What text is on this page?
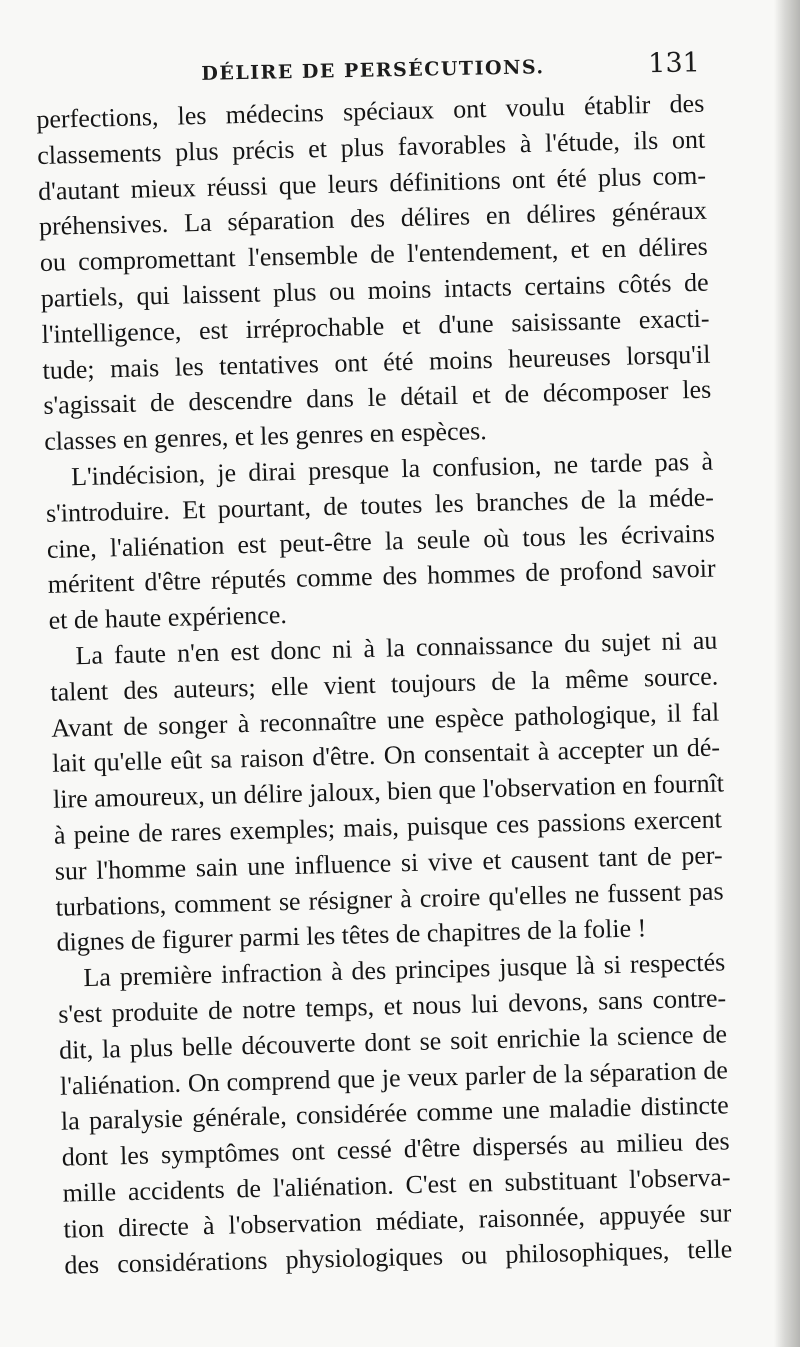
DÉLIRE DE PERSÉCUTIONS.	131
perfections, les médecins spéciaux ont voulu établir des
classements plus précis et plus favorables à l'étude, ils ont
d'autant mieux réussi que leurs définitions ont été plus com-
préhensives. La séparation des délires en délires généraux
ou compromettant l'ensemble de l'entendement, et en délires
partiels, qui laissent plus ou moins intacts certains côtés de
l'intelligence, est irréprochable et d'une saisissante exacti-
tude; mais les tentatives ont été moins heureuses lorsqu'il
s'agissait de descendre dans le détail et de décomposer les
classes en genres, et les genres en espèces.
L'indécision, je dirai presque la confusion, ne tarde pas à
s'introduire. Et pourtant, de toutes les branches de la méde-
cine, l'aliénation est peut-être la seule où tous les écrivains
méritent d'être réputés comme des hommes de profond savoir
et de haute expérience.
La faute n'en est donc ni à la connaissance du sujet ni au
talent des auteurs; elle vient toujours de la même source.
Avant de songer à reconnaître une espèce pathologique, il fal
lait qu'elle eût sa raison d'être. On consentait à accepter un dé-
lire amoureux, un délire jaloux, bien que l'observation en fournît
à peine de rares exemples; mais, puisque ces passions exercent
sur l'homme sain une influence si vive et causent tant de per-
turbations, comment se résigner à croire qu'elles ne fussent pas
dignes de figurer parmi les têtes de chapitres de la folie !
La première infraction à des principes jusque là si respectés
s'est produite de notre temps, et nous lui devons, sans contre-
dit, la plus belle découverte dont se soit enrichie la science de
l'aliénation. On comprend que je veux parler de la séparation de
la paralysie générale, considérée comme une maladie distincte
dont les symptômes ont cessé d'être dispersés au milieu des
mille accidents de l'aliénation. C'est en substituant l'observa-
tion directe à l'observation médiate, raisonnée, appuyée sur
des considérations physiologiques ou philosophiques, telle
